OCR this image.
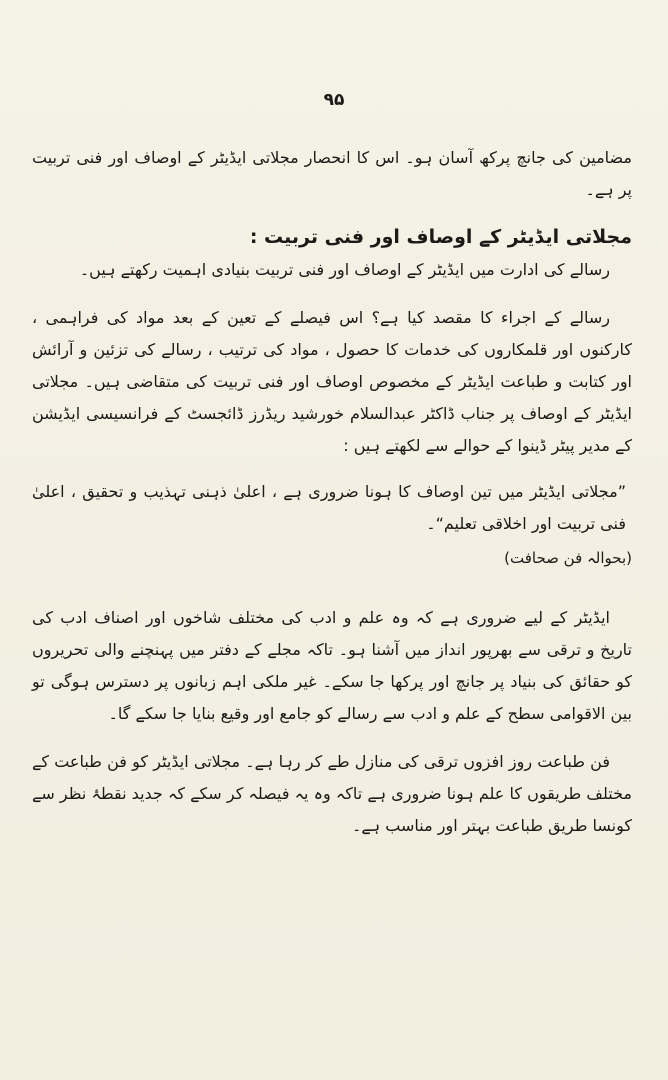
۹۵

مضامین کی جانچ پرکھ آسان ہو۔ اس کا انحصار مجلاتی ایڈیٹر کے اوصاف اور فنی تربیت پر ہے۔

مجلاتی ایڈیٹر کے اوصاف اور فنی تربیت :

رسالے کی ادارت میں ایڈیٹر کے اوصاف اور فنی تربیت بنیادی اہمیت رکھتے ہیں۔

رسالے کے اجراء کا مقصد کیا ہے؟ اس فیصلے کے تعین کے بعد مواد کی فراہمی ، کارکنوں اور قلمکاروں کی خدمات کا حصول ، مواد کی ترتیب ، رسالے کی تزئین و آرائش اور کتابت و طباعت ایڈیٹر کے مخصوص اوصاف اور فنی تربیت کی متقاضی ہیں۔ مجلاتی ایڈیٹر کے اوصاف پر جناب ڈاکٹر عبدالسلام خورشید ریڈرز ڈائجسٹ کے فرانسیسی ایڈیشن کے مدیر پیٹر ڈینوا کے حوالے سے لکھتے ہیں :

”مجلاتی ایڈیٹر میں تین اوصاف کا ہونا ضروری ہے ، اعلیٰ ذہنی تہذیب و تحقیق ، اعلیٰ فنی تربیت اور اخلاقی تعلیم“۔

(بحوالہ فن صحافت)

ایڈیٹر کے لیے ضروری ہے کہ وہ علم و ادب کی مختلف شاخوں اور اصناف ادب کی تاریخ و ترقی سے بھرپور انداز میں آشنا ہو۔ تاکہ مجلے کے دفتر میں پہنچنے والی تحریروں کو حقائق کی بنیاد پر جانچ اور پرکھا جا سکے۔ غیر ملکی اہم زبانوں پر دسترس ہوگی تو بین الاقوامی سطح کے علم و ادب سے رسالے کو جامع اور وقیع بنایا جا سکے گا۔

فن طباعت روز افزوں ترقی کی منازل طے کر رہا ہے۔ مجلاتی ایڈیٹر کو فن طباعت کے مختلف طریقوں کا علم ہونا ضروری ہے تاکہ وہ یہ فیصلہ کر سکے کہ جدید نقطۂ نظر سے کونسا طریق طباعت بہتر اور مناسب ہے۔
